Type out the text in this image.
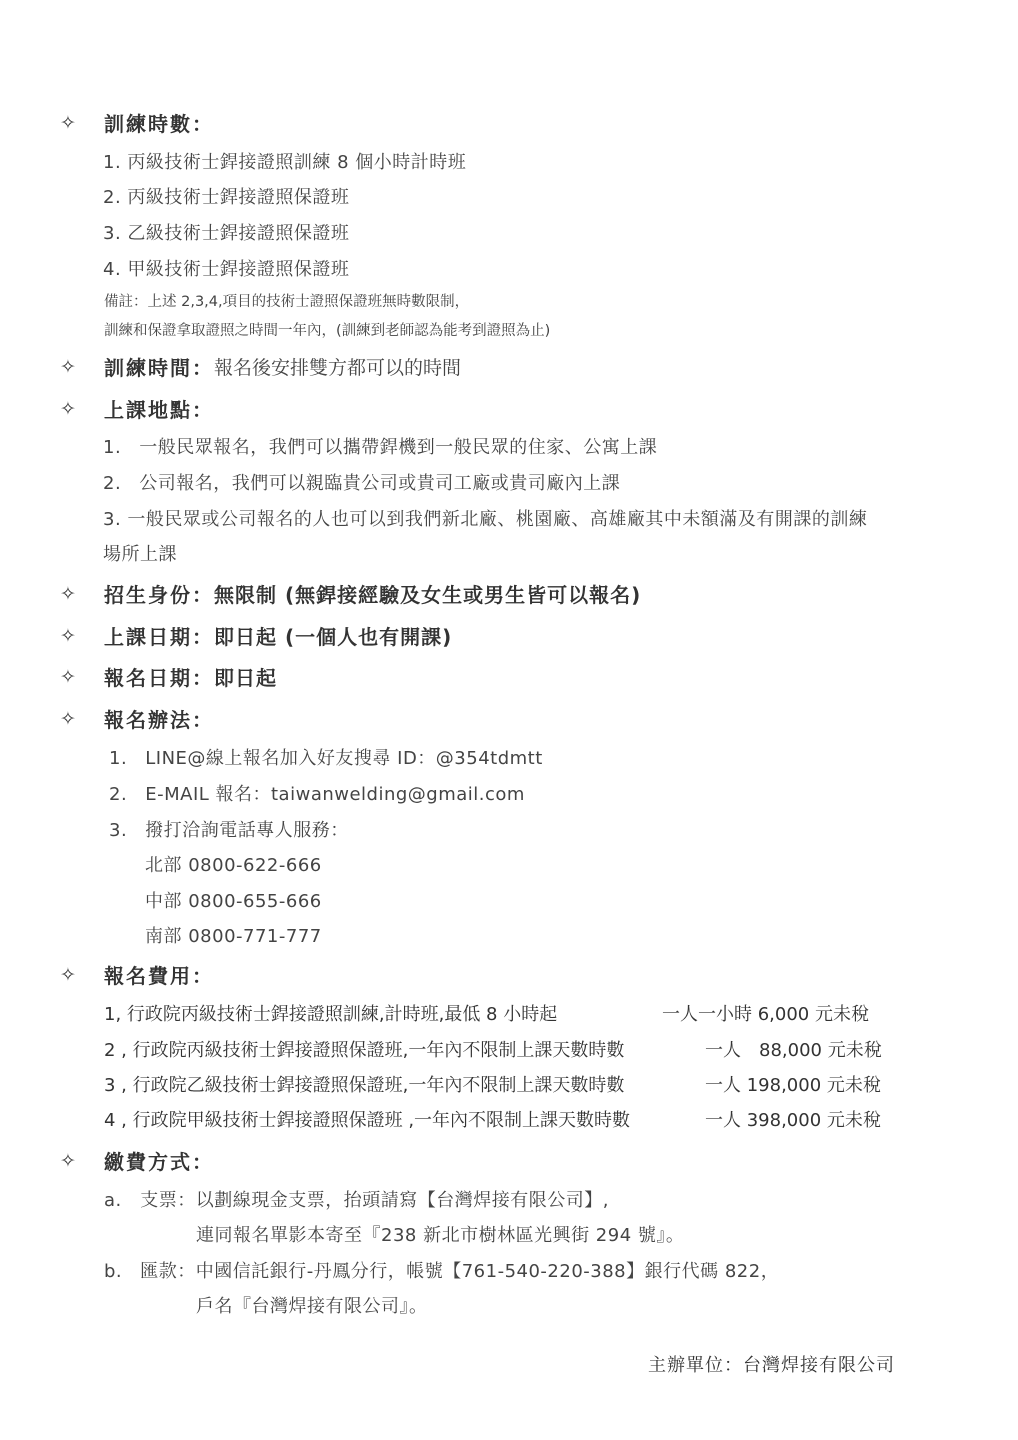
✧	訓練時數：
1. 丙級技術士銲接證照訓練 8 個小時計時班
2. 丙級技術士銲接證照保證班
3. 乙級技術士銲接證照保證班
4. 甲級技術士銲接證照保證班
備註：上述 2,3,4,項目的技術士證照保證班無時數限制，
訓練和保證拿取證照之時間一年內，(訓練到老師認為能考到證照為止)
✧	訓練時間： 報名後安排雙方都可以的時間
✧	上課地點：
1. 一般民眾報名，我們可以攜帶銲機到一般民眾的住家、公寓上課
2. 公司報名，我們可以親臨貴公司或貴司工廠或貴司廠內上課
3. 一般民眾或公司報名的人也可以到我們新北廠、桃園廠、高雄廠其中未額滿及有開課的訓練
場所上課
✧	招生身份： 無限制 (無銲接經驗及女生或男生皆可以報名)
✧	上課日期： 即日起 (一個人也有開課)
✧	報名日期： 即日起
✧	報名辦法：
1. LINE@線上報名加入好友搜尋 ID：@354tdmtt
2. E-MAIL 報名：taiwanwelding@gmail.com
3. 撥打洽詢電話專人服務：
北部 0800-622-666
中部 0800-655-666
南部 0800-771-777
✧	報名費用：
1, 行政院丙級技術士銲接證照訓練,計時班,最低 8 小時起	一人一小時 6,000 元未稅
2 , 行政院丙級技術士銲接證照保證班,一年內不限制上課天數時數	一人　88,000 元未稅
3 , 行政院乙級技術士銲接證照保證班,一年內不限制上課天數時數	一人 198,000 元未稅
4 , 行政院甲級技術士銲接證照保證班 ,一年內不限制上課天數時數	一人 398,000 元未稅
✧	繳費方式：
a. 支票：以劃線現金支票，抬頭請寫【台灣焊接有限公司】,
連同報名單影本寄至『238 新北市樹林區光興街 294 號』。
b. 匯款：中國信託銀行-丹鳳分行，帳號【761-540-220-388】銀行代碼 822，
戶名『台灣焊接有限公司』。
主辦單位：台灣焊接有限公司
